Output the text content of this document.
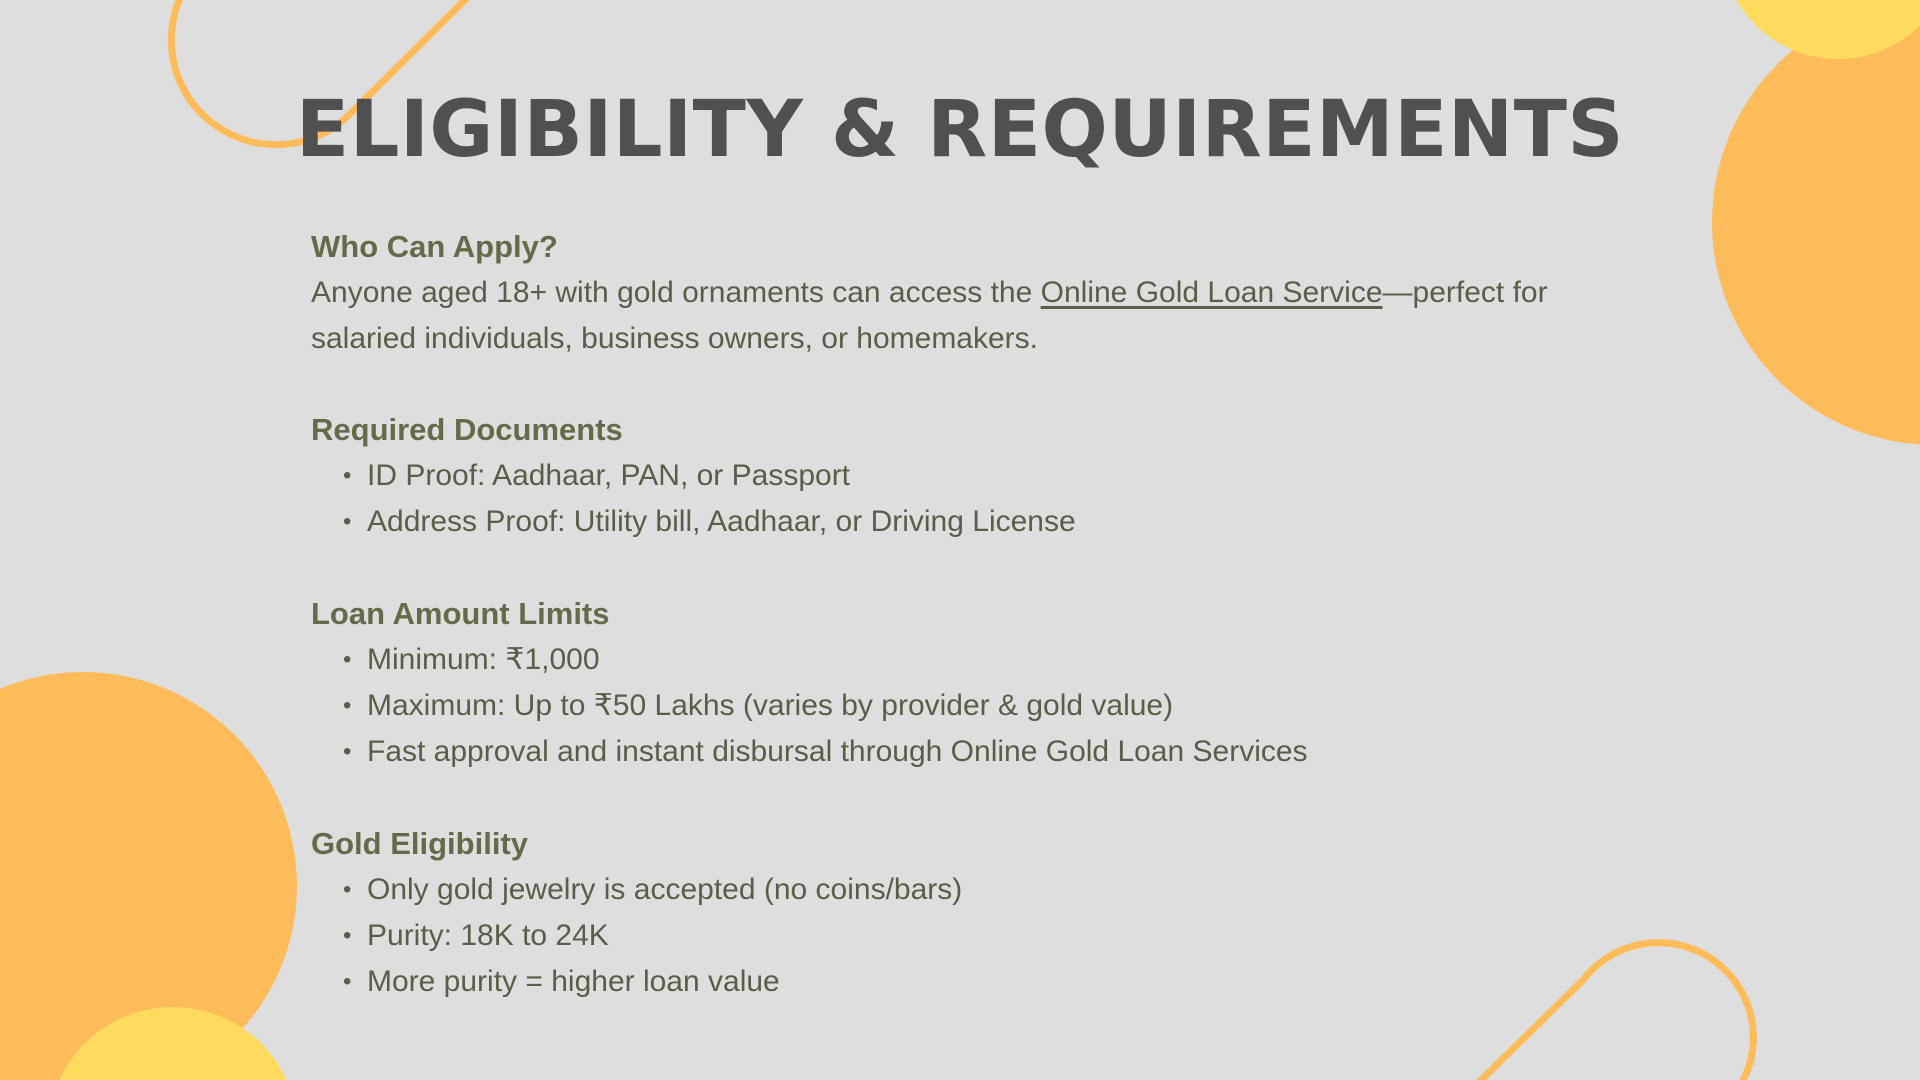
ELIGIBILITY & REQUIREMENTS
Who Can Apply?

Anyone aged 18+ with gold ornaments can access the Online Gold Loan Service—perfect for salaried individuals, business owners, or homemakers.

Required Documents
• ID Proof: Aadhaar, PAN, or Passport
• Address Proof: Utility bill, Aadhaar, or Driving License
Loan Amount Limits
• Minimum: ₹1,000
• Maximum: Up to ₹50 Lakhs (varies by provider & gold value)
• Fast approval and instant disbursal through Online Gold Loan Services
Gold Eligibility
• Only gold jewelry is accepted (no coins/bars)
• Purity: 18K to 24K
• More purity = higher loan value
